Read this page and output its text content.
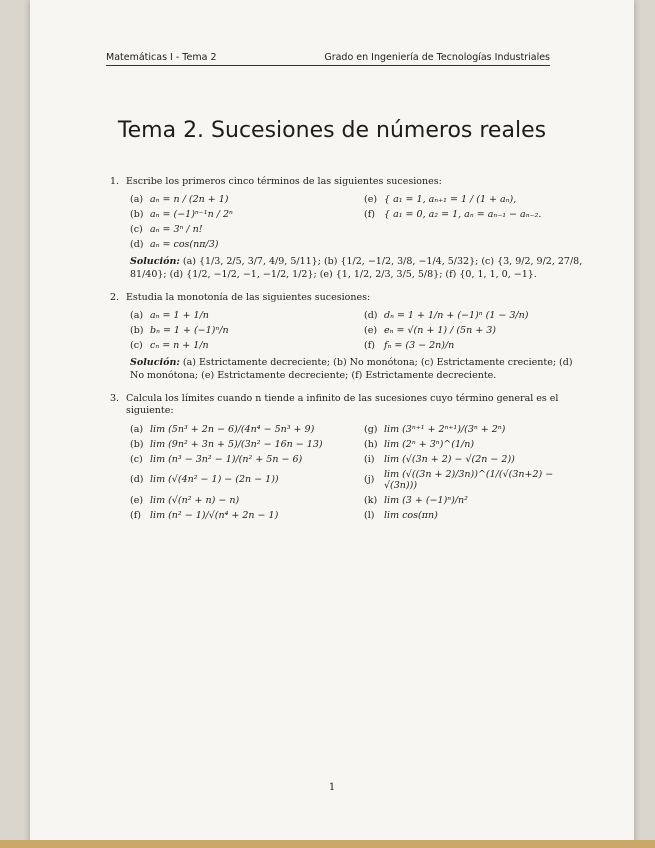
Matemáticas I - Tema 2	Grado en Ingeniería de Tecnologías Industriales
Tema 2. Sucesiones de números reales
1. Escribe los primeros cinco términos de las siguientes sucesiones:
(a) aₙ = n / (2n + 1)	(e) { a₁ = 1, aₙ₊₁ = 1 / (1 + aₙ),
(b) aₙ = (−1)ⁿ⁻¹n / 2ⁿ	(f) { a₁ = 0, a₂ = 1, aₙ = aₙ₋₁ − aₙ₋₂.
(c) aₙ = 3ⁿ / n!
(d) aₙ = cos(nπ/3)
Solución: (a) {1/3, 2/5, 3/7, 4/9, 5/11}; (b) {1/2, −1/2, 3/8, −1/4, 5/32}; (c) {3, 9/2, 9/2, 27/8, 81/40}; (d) {1/2, −1/2, −1, −1/2, 1/2}; (e) {1, 1/2, 2/3, 3/5, 5/8}; (f) {0, 1, 1, 0, −1}.
2. Estudia la monotonía de las siguientes sucesiones:
(a) aₙ = 1 + 1/n	(d) dₙ = 1 + 1/n + (−1)ⁿ (1 − 3/n)
(b) bₙ = 1 + (−1)ⁿ/n	(e) eₙ = √(n + 1) / (5n + 3)
(c) cₙ = n + 1/n	(f) fₙ = (3 − 2n)/n
Solución: (a) Estrictamente decreciente; (b) No monótona; (c) Estrictamente creciente; (d) No monótona; (e) Estrictamente decreciente; (f) Estrictamente decreciente.
3. Calcula los límites cuando n tiende a infinito de las sucesiones cuyo término general es el siguiente:
(a) lim (5n³ + 2n − 6)/(4n⁴ − 5n³ + 9)	(g) lim (3ⁿ⁺¹ + 2ⁿ⁺¹)/(3ⁿ + 2ⁿ)
(b) lim (9n² + 3n + 5)/(3n² − 16n − 13)	(h) lim (2ⁿ + 3ⁿ)^(1/n)
(c) lim (n³ − 3n² − 1)/(n² + 5n − 6)	(i)	lim (√(3n + 2) − √(2n − 2))
(d) lim (√(4n² − 1) − (2n − 1))	(j)	lim (√((3n + 2)/3n))^(1/(√(3n+2) − √(3n)))
(e) lim (√(n² + n) − n)	(k) lim (3 + (−1)ⁿ)/n²
(f) lim (n² − 1)/√(n⁴ + 2n − 1)	(l)	lim cos(πn)
1
